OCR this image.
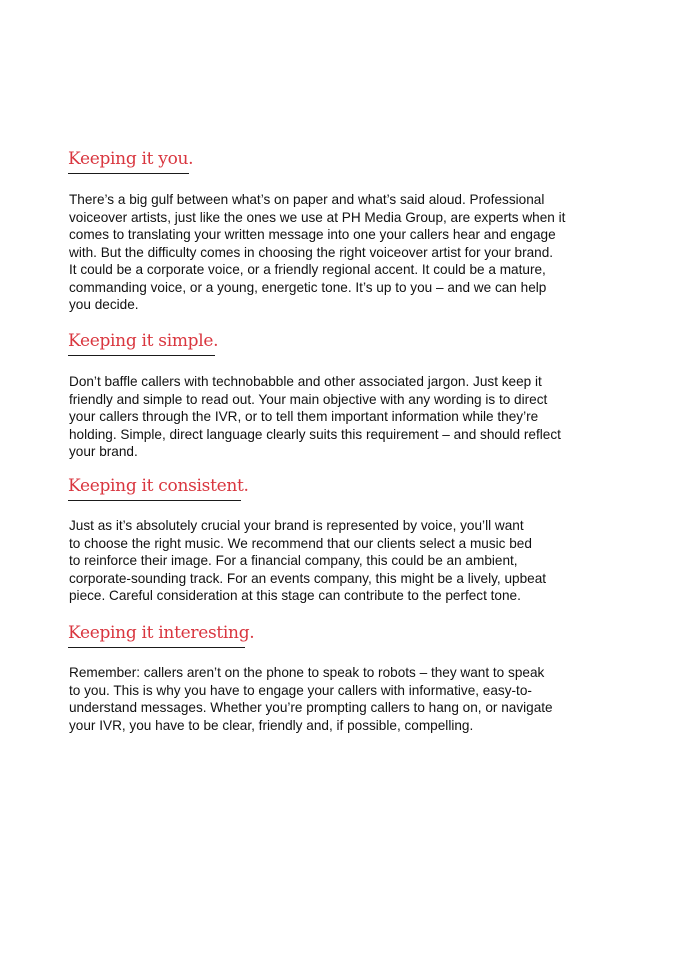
Keeping it you.

There’s a big gulf between what’s on paper and what’s said aloud. Professional
voiceover artists, just like the ones we use at PH Media Group, are experts when it
comes to translating your written message into one your callers hear and engage
with. But the difficulty comes in choosing the right voiceover artist for your brand.
It could be a corporate voice, or a friendly regional accent. It could be a mature,
commanding voice, or a young, energetic tone. It’s up to you – and we can help
you decide.

Keeping it simple.

Don’t baffle callers with technobabble and other associated jargon. Just keep it
friendly and simple to read out. Your main objective with any wording is to direct
your callers through the IVR, or to tell them important information while they’re
holding. Simple, direct language clearly suits this requirement – and should reflect
your brand.

Keeping it consistent.

Just as it’s absolutely crucial your brand is represented by voice, you’ll want
to choose the right music. We recommend that our clients select a music bed
to reinforce their image. For a financial company, this could be an ambient,
corporate-sounding track. For an events company, this might be a lively, upbeat
piece. Careful consideration at this stage can contribute to the perfect tone.

Keeping it interesting.

Remember: callers aren’t on the phone to speak to robots – they want to speak
to you. This is why you have to engage your callers with informative, easy-to-
understand messages. Whether you’re prompting callers to hang on, or navigate
your IVR, you have to be clear, friendly and, if possible, compelling.
